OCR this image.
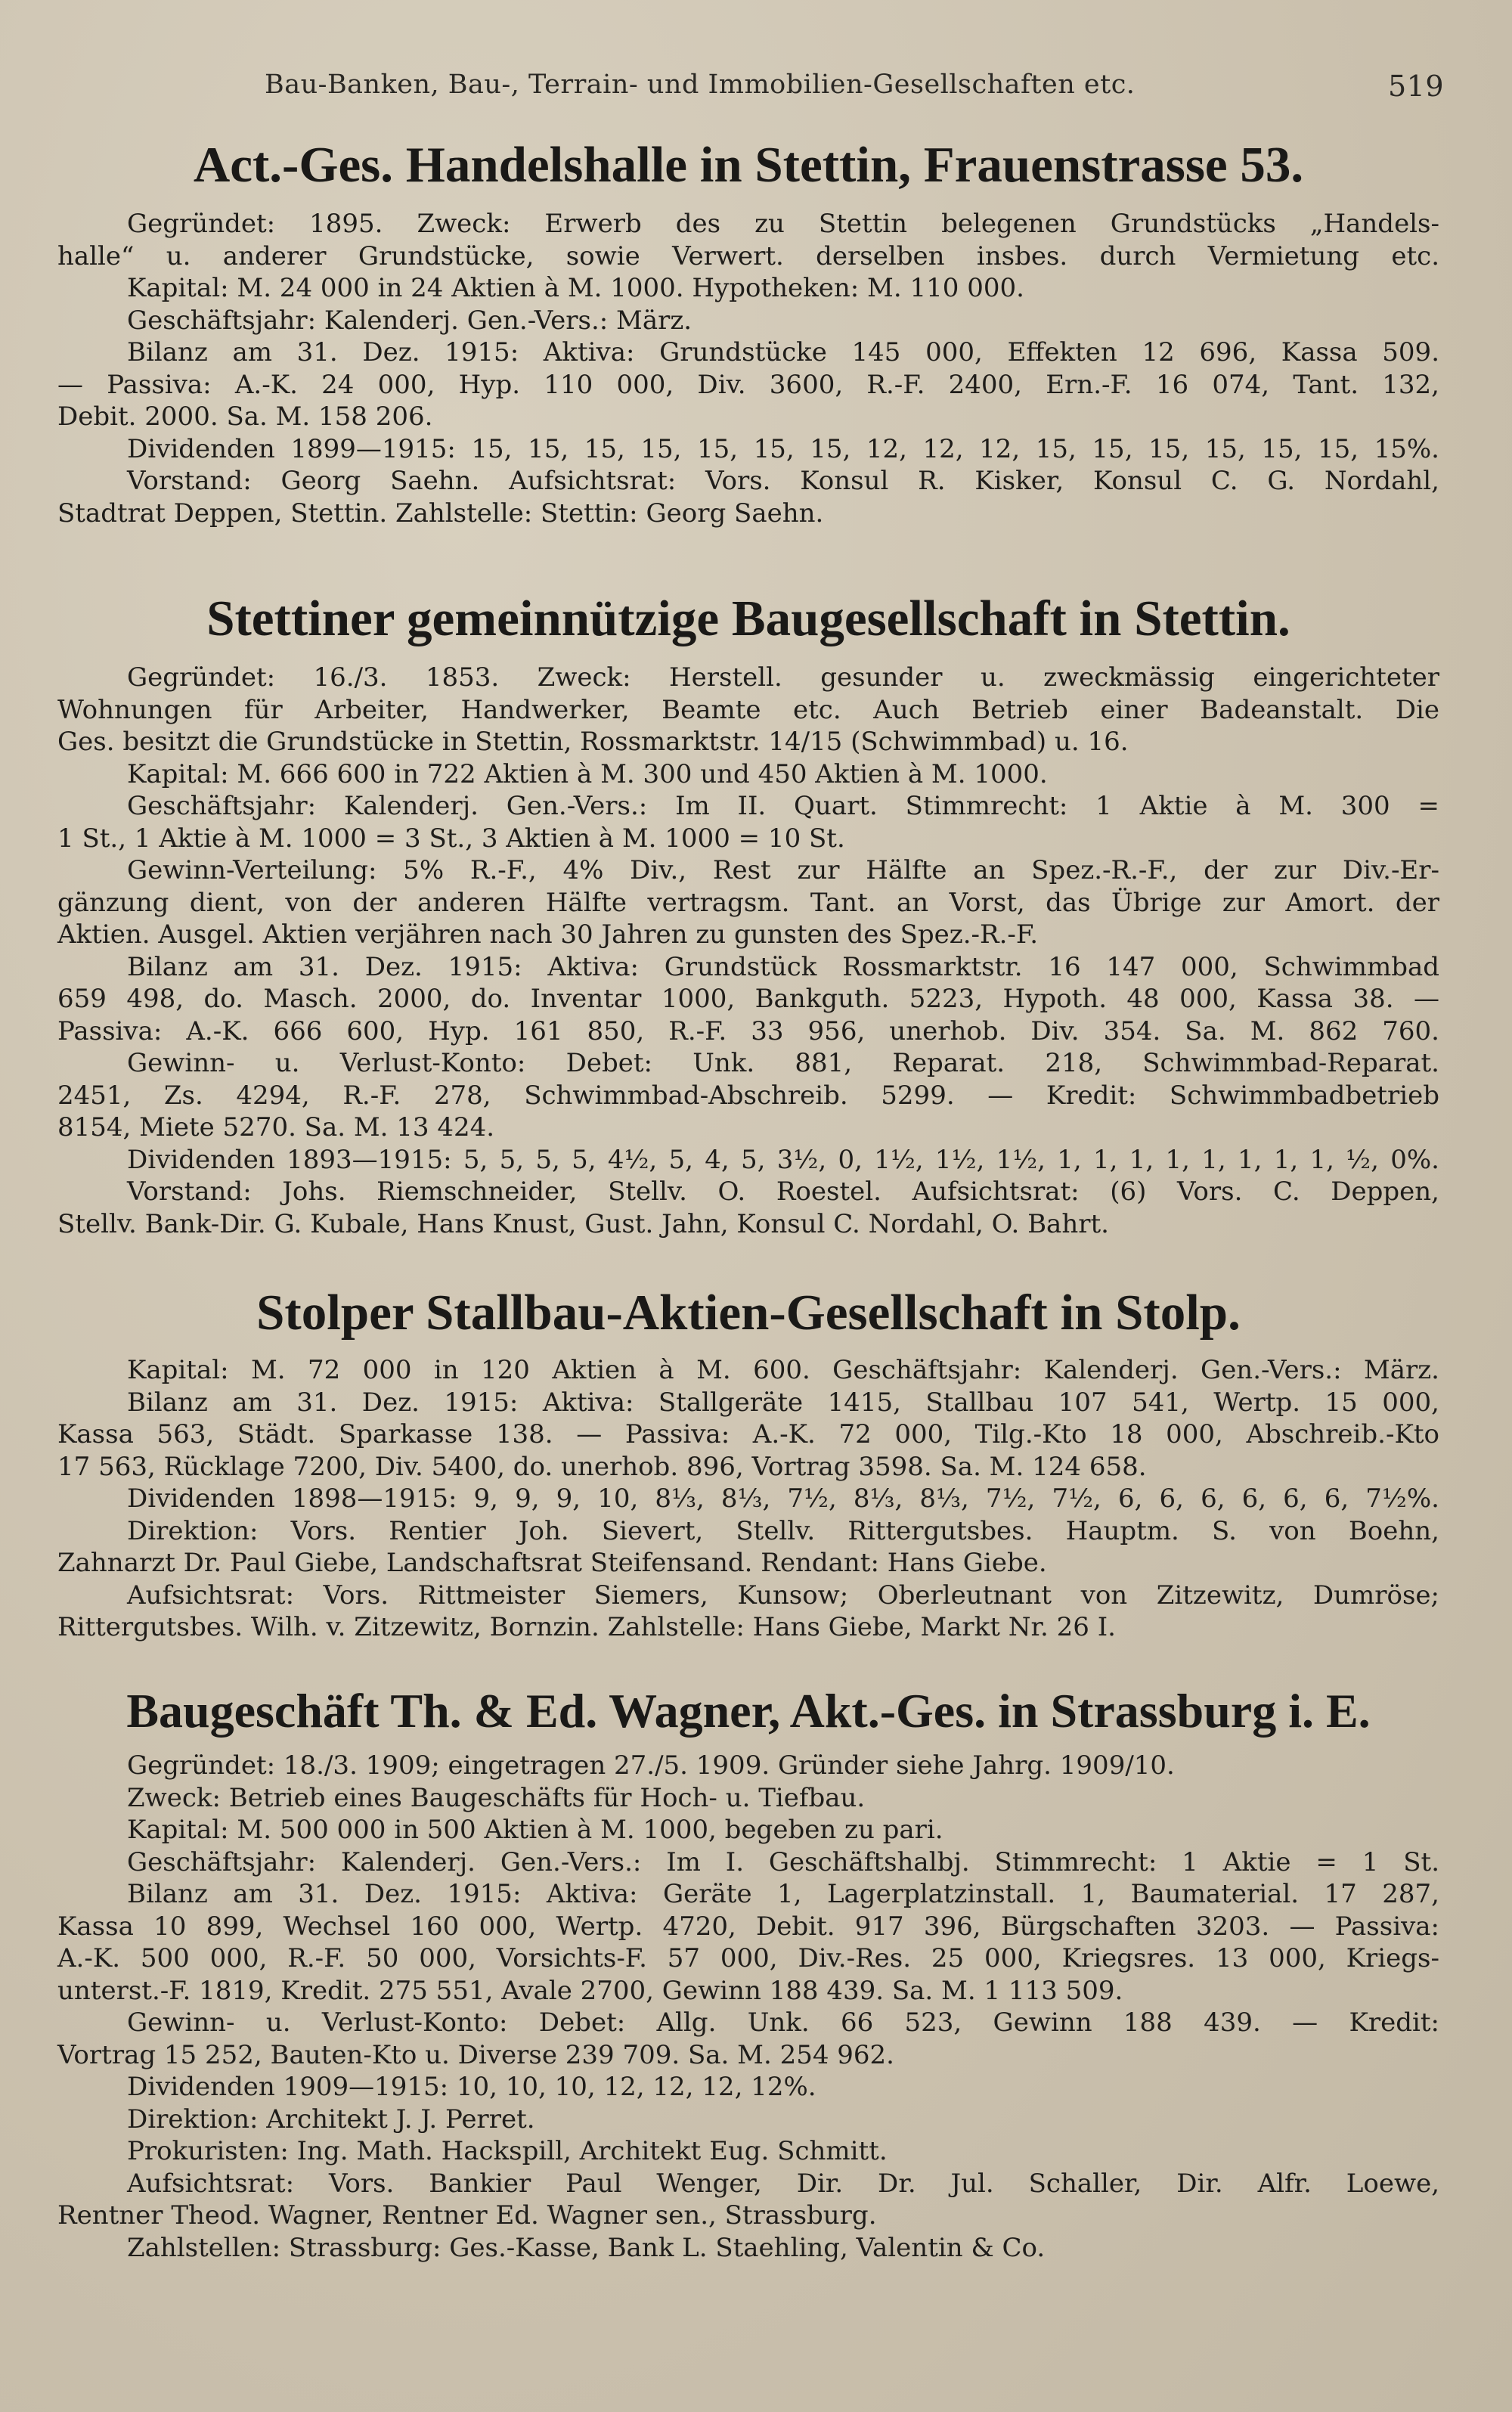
Bau-Banken, Bau-, Terrain- und Immobilien-Gesellschaften etc.	519
Act.-Ges. Handelshalle in Stettin, Frauenstrasse 53.

Gegründet: 1895. Zweck: Erwerb des zu Stettin belegenen Grundstücks „Handels-

halle“ u. anderer Grundstücke, sowie Verwert. derselben insbes. durch Vermietung etc.

Kapital: M. 24 000 in 24 Aktien à M. 1000. Hypotheken: M. 110 000.

Geschäftsjahr: Kalenderj. Gen.-Vers.: März.

Bilanz am 31. Dez. 1915: Aktiva: Grundstücke 145 000, Effekten 12 696, Kassa 509.

— Passiva: A.-K. 24 000, Hyp. 110 000, Div. 3600, R.-F. 2400, Ern.-F. 16 074, Tant. 132,

Debit. 2000. Sa. M. 158 206.

Dividenden 1899—1915: 15, 15, 15, 15, 15, 15, 15, 12, 12, 12, 15, 15, 15, 15, 15, 15, 15%.

Vorstand: Georg Saehn. Aufsichtsrat: Vors. Konsul R. Kisker, Konsul C. G. Nordahl,

Stadtrat Deppen, Stettin. Zahlstelle: Stettin: Georg Saehn.

Stettiner gemeinnützige Baugesellschaft in Stettin.

Gegründet: 16./3. 1853. Zweck: Herstell. gesunder u. zweckmässig eingerichteter

Wohnungen für Arbeiter, Handwerker, Beamte etc. Auch Betrieb einer Badeanstalt. Die

Ges. besitzt die Grundstücke in Stettin, Rossmarktstr. 14/15 (Schwimmbad) u. 16.

Kapital: M. 666 600 in 722 Aktien à M. 300 und 450 Aktien à M. 1000.

Geschäftsjahr: Kalenderj. Gen.-Vers.: Im II. Quart. Stimmrecht: 1 Aktie à M. 300 =

1 St., 1 Aktie à M. 1000 = 3 St., 3 Aktien à M. 1000 = 10 St.

Gewinn-Verteilung: 5% R.-F., 4% Div., Rest zur Hälfte an Spez.-R.-F., der zur Div.-Er-

gänzung dient, von der anderen Hälfte vertragsm. Tant. an Vorst, das Übrige zur Amort. der

Aktien. Ausgel. Aktien verjähren nach 30 Jahren zu gunsten des Spez.-R.-F.

Bilanz am 31. Dez. 1915: Aktiva: Grundstück Rossmarktstr. 16 147 000, Schwimmbad

659 498, do. Masch. 2000, do. Inventar 1000, Bankguth. 5223, Hypoth. 48 000, Kassa 38. —

Passiva: A.-K. 666 600, Hyp. 161 850, R.-F. 33 956, unerhob. Div. 354. Sa. M. 862 760.

Gewinn- u. Verlust-Konto: Debet: Unk. 881, Reparat. 218, Schwimmbad-Reparat.

2451, Zs. 4294, R.-F. 278, Schwimmbad-Abschreib. 5299. — Kredit: Schwimmbadbetrieb

8154, Miete 5270. Sa. M. 13 424.

Dividenden 1893—1915: 5, 5, 5, 5, 4½, 5, 4, 5, 3½, 0, 1½, 1½, 1½, 1, 1, 1, 1, 1, 1, 1, 1, ½, 0%.

Vorstand: Johs. Riemschneider, Stellv. O. Roestel. Aufsichtsrat: (6) Vors. C. Deppen,

Stellv. Bank-Dir. G. Kubale, Hans Knust, Gust. Jahn, Konsul C. Nordahl, O. Bahrt.

Stolper Stallbau-Aktien-Gesellschaft in Stolp.

Kapital: M. 72 000 in 120 Aktien à M. 600. Geschäftsjahr: Kalenderj. Gen.-Vers.: März.

Bilanz am 31. Dez. 1915: Aktiva: Stallgeräte 1415, Stallbau 107 541, Wertp. 15 000,

Kassa 563, Städt. Sparkasse 138. — Passiva: A.-K. 72 000, Tilg.-Kto 18 000, Abschreib.-Kto

17 563, Rücklage 7200, Div. 5400, do. unerhob. 896, Vortrag 3598. Sa. M. 124 658.

Dividenden 1898—1915: 9, 9, 9, 10, 8⅓, 8⅓, 7½, 8⅓, 8⅓, 7½, 7½, 6, 6, 6, 6, 6, 6, 7½%.

Direktion: Vors. Rentier Joh. Sievert, Stellv. Rittergutsbes. Hauptm. S. von Boehn,

Zahnarzt Dr. Paul Giebe, Landschaftsrat Steifensand. Rendant: Hans Giebe.

Aufsichtsrat: Vors. Rittmeister Siemers, Kunsow; Oberleutnant von Zitzewitz, Dumröse;

Rittergutsbes. Wilh. v. Zitzewitz, Bornzin. Zahlstelle: Hans Giebe, Markt Nr. 26 I.

Baugeschäft Th. & Ed. Wagner, Akt.-Ges. in Strassburg i. E.

Gegründet: 18./3. 1909; eingetragen 27./5. 1909. Gründer siehe Jahrg. 1909/10.

Zweck: Betrieb eines Baugeschäfts für Hoch- u. Tiefbau.

Kapital: M. 500 000 in 500 Aktien à M. 1000, begeben zu pari.

Geschäftsjahr: Kalenderj. Gen.-Vers.: Im I. Geschäftshalbj. Stimmrecht: 1 Aktie = 1 St.

Bilanz am 31. Dez. 1915: Aktiva: Geräte 1, Lagerplatzinstall. 1, Baumaterial. 17 287,

Kassa 10 899, Wechsel 160 000, Wertp. 4720, Debit. 917 396, Bürgschaften 3203. — Passiva:

A.-K. 500 000, R.-F. 50 000, Vorsichts-F. 57 000, Div.-Res. 25 000, Kriegsres. 13 000, Kriegs-

unterst.-F. 1819, Kredit. 275 551, Avale 2700, Gewinn 188 439. Sa. M. 1 113 509.

Gewinn- u. Verlust-Konto: Debet: Allg. Unk. 66 523, Gewinn 188 439. — Kredit:

Vortrag 15 252, Bauten-Kto u. Diverse 239 709. Sa. M. 254 962.

Dividenden 1909—1915: 10, 10, 10, 12, 12, 12, 12%.

Direktion: Architekt J. J. Perret.

Prokuristen: Ing. Math. Hackspill, Architekt Eug. Schmitt.

Aufsichtsrat: Vors. Bankier Paul Wenger, Dir. Dr. Jul. Schaller, Dir. Alfr. Loewe,

Rentner Theod. Wagner, Rentner Ed. Wagner sen., Strassburg.

Zahlstellen: Strassburg: Ges.-Kasse, Bank L. Staehling, Valentin & Co.
